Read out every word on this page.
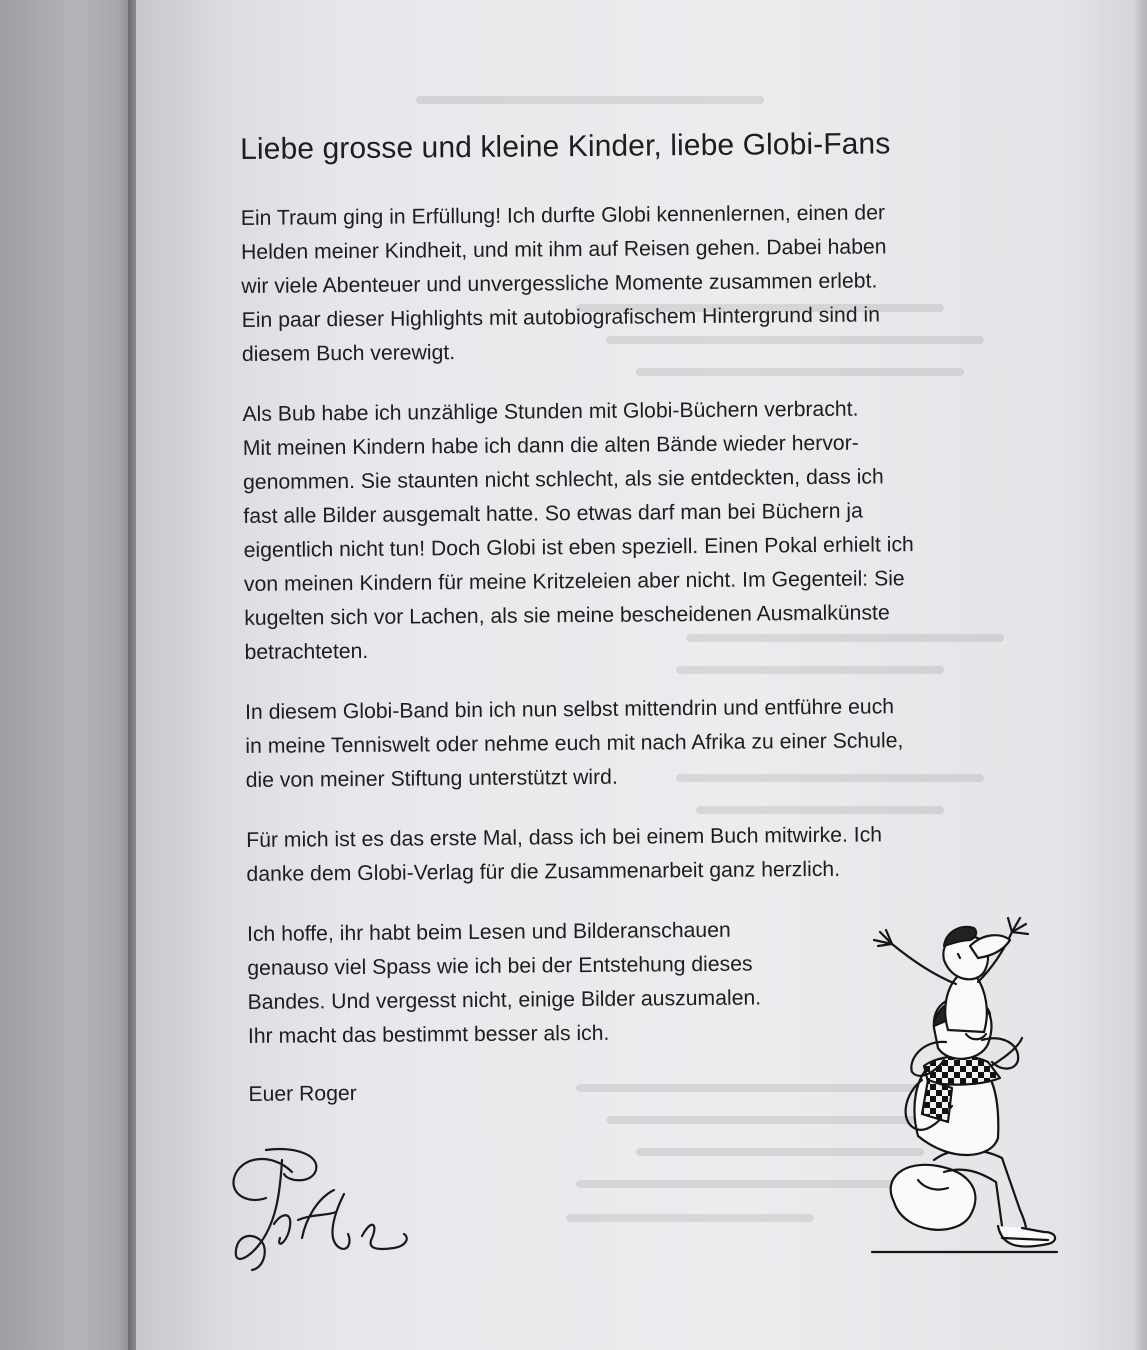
Liebe grosse und kleine Kinder, liebe Globi-Fans
Ein Traum ging in Erfüllung! Ich durfte Globi kennenlernen, einen der
Helden meiner Kindheit, und mit ihm auf Reisen gehen. Dabei haben
wir viele Abenteuer und unvergessliche Momente zusammen erlebt.
Ein paar dieser Highlights mit autobiografischem Hintergrund sind in
diesem Buch verewigt.
Als Bub habe ich unzählige Stunden mit Globi-Büchern verbracht.
Mit meinen Kindern habe ich dann die alten Bände wieder hervor-
genommen. Sie staunten nicht schlecht, als sie entdeckten, dass ich
fast alle Bilder ausgemalt hatte. So etwas darf man bei Büchern ja
eigentlich nicht tun! Doch Globi ist eben speziell. Einen Pokal erhielt ich
von meinen Kindern für meine Kritzeleien aber nicht. Im Gegenteil: Sie
kugelten sich vor Lachen, als sie meine bescheidenen Ausmalkünste
betrachteten.
In diesem Globi-Band bin ich nun selbst mittendrin und entführe euch
in meine Tenniswelt oder nehme euch mit nach Afrika zu einer Schule,
die von meiner Stiftung unterstützt wird.
Für mich ist es das erste Mal, dass ich bei einem Buch mitwirke. Ich
danke dem Globi-Verlag für die Zusammenarbeit ganz herzlich.
Ich hoffe, ihr habt beim Lesen und Bilderanschauen
genauso viel Spass wie ich bei der Entstehung dieses
Bandes. Und vergesst nicht, einige Bilder auszumalen.
Ihr macht das bestimmt besser als ich.
Euer Roger
